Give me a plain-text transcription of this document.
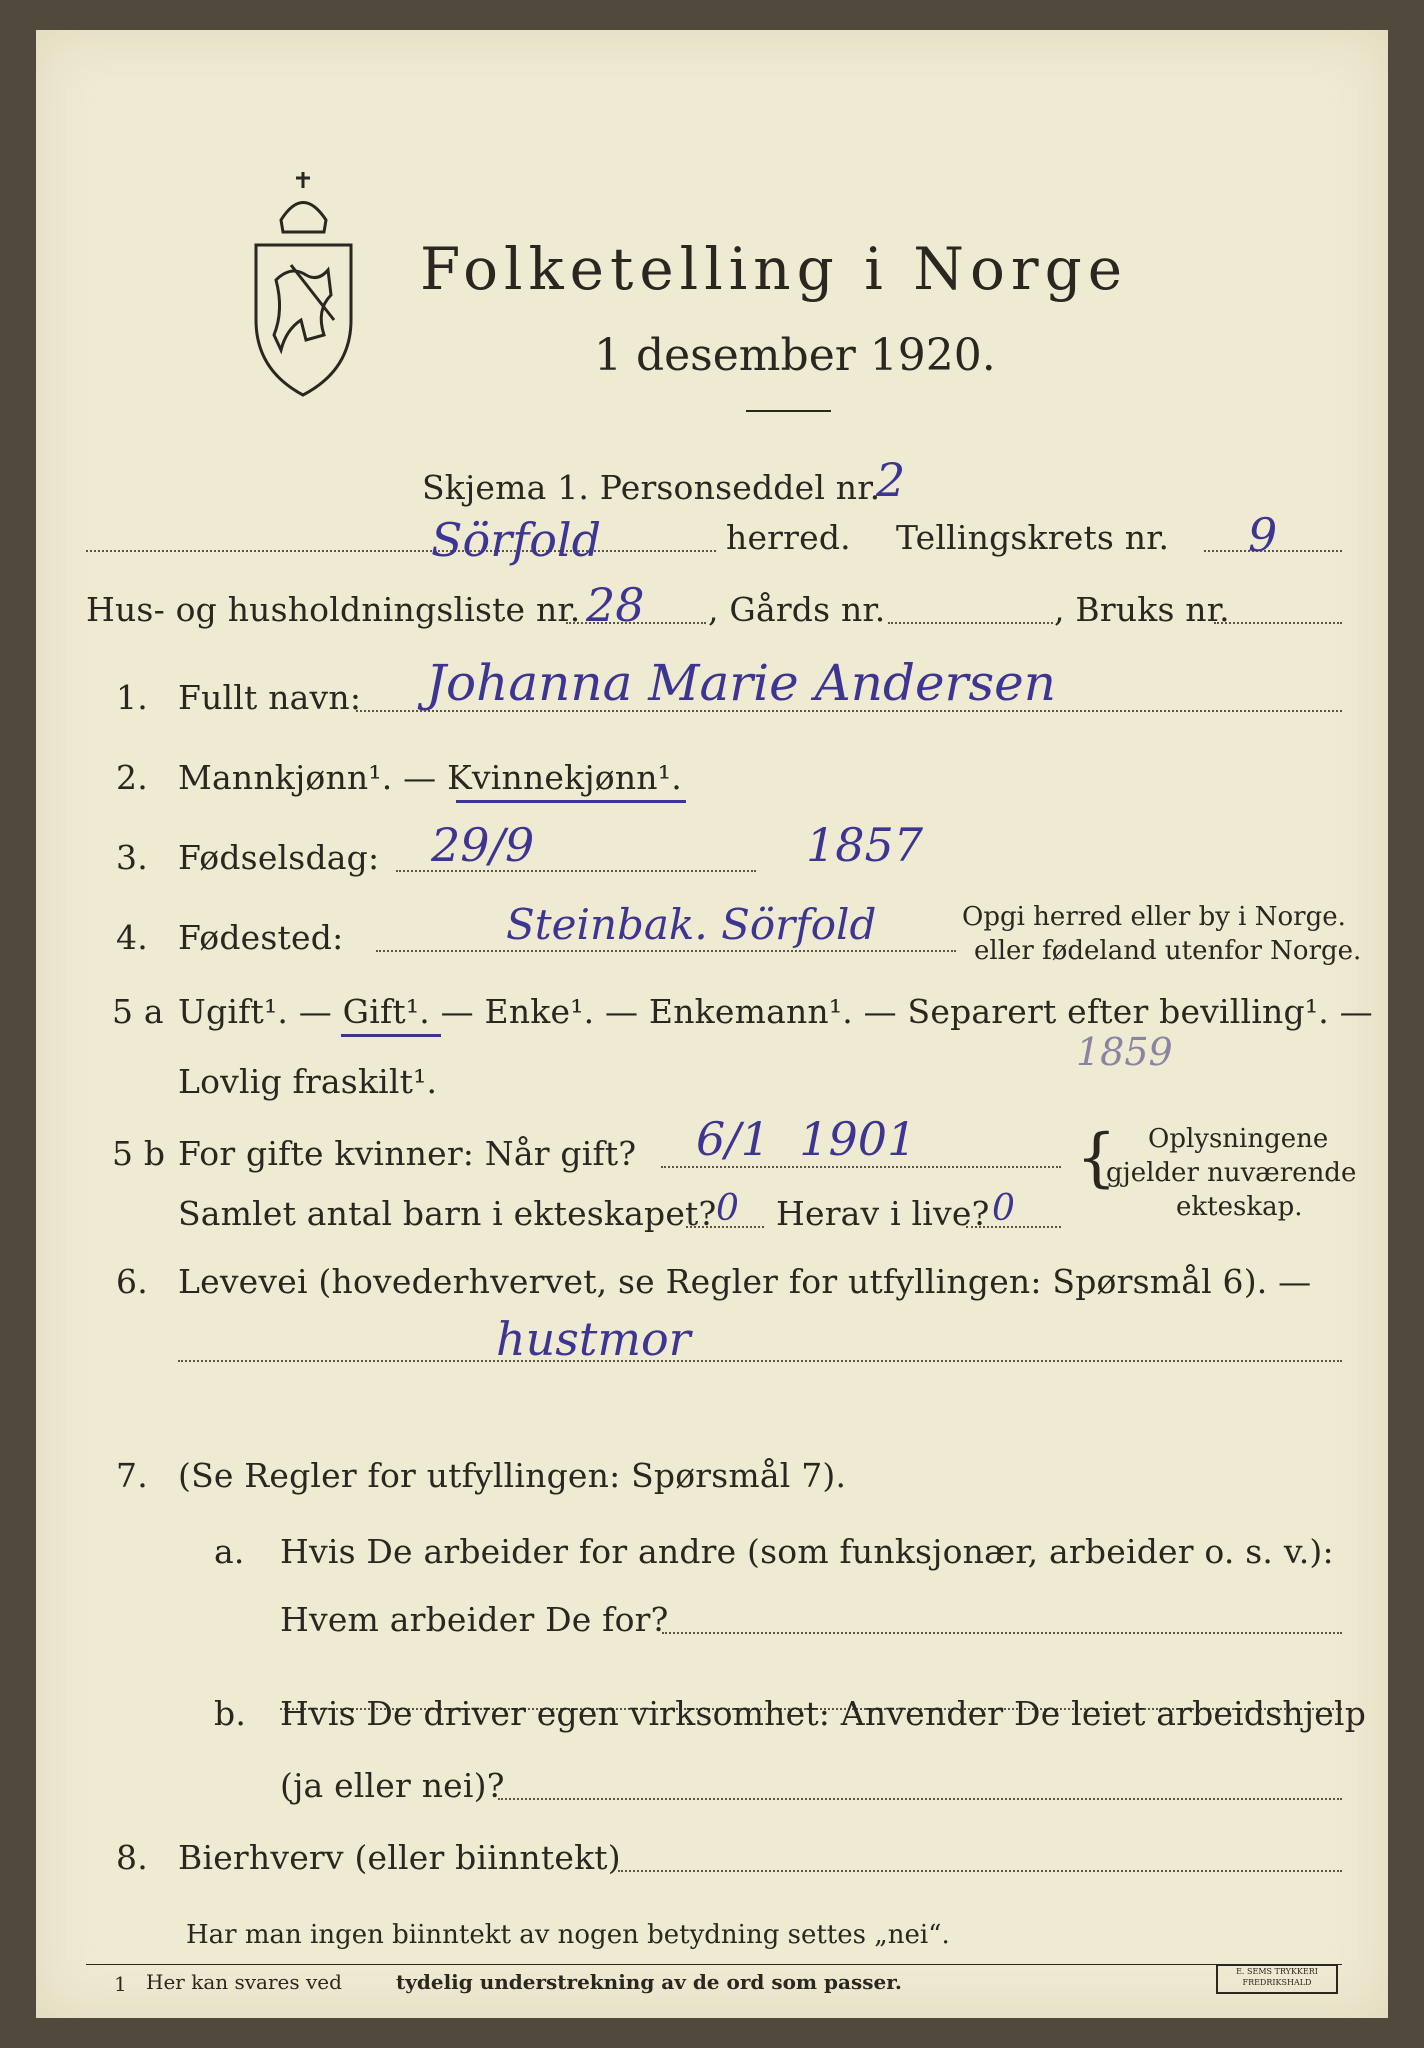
Folketelling i Norge
1 desember 1920.
Skjema 1. Personseddel nr.
2
Sörfold	herred. Tellingskrets nr. 9
Hus- og husholdningsliste nr. 28 , Gårds nr.	, Bruks nr.
1. Fullt navn: Johanna Marie Andersen
2. Mannkjønn¹. — Kvinnekjønn¹.
3. Fødselsdag: 29/9	1857
4. Fødested:	Steinbak. Sörfold	Opgi herred eller by i Norge.
eller fødeland utenfor Norge.
5 a Ugift¹. — Gift¹. — Enke¹. — Enkemann¹. — Separert efter bevilling¹. —
1859
Lovlig fraskilt¹.
5 b For gifte kvinner: Når gift? 6/1  1901
Samlet antal barn i ekteskapet? 0 Herav i live? 0
{ Oplysningene
gjelder nuværende
ekteskap.
6. Levevei (hovederhvervet, se Regler for utfyllingen: Spørsmål 6). —
hustmor
7. (Se Regler for utfyllingen: Spørsmål 7).
a. Hvis De arbeider for andre (som funksjonær, arbeider o. s. v.):
Hvem arbeider De for?
b. Hvis De driver egen virksomhet: Anvender De leiet arbeidshjelp
(ja eller nei)?
8. Bierhverv (eller biinntekt)
Har man ingen biinntekt av nogen betydning settes „nei“.
1 Her kan svares ved	tydelig understrekning av de ord som passer.	E. SEMS TRYKKERI FREDRIKSHALD
